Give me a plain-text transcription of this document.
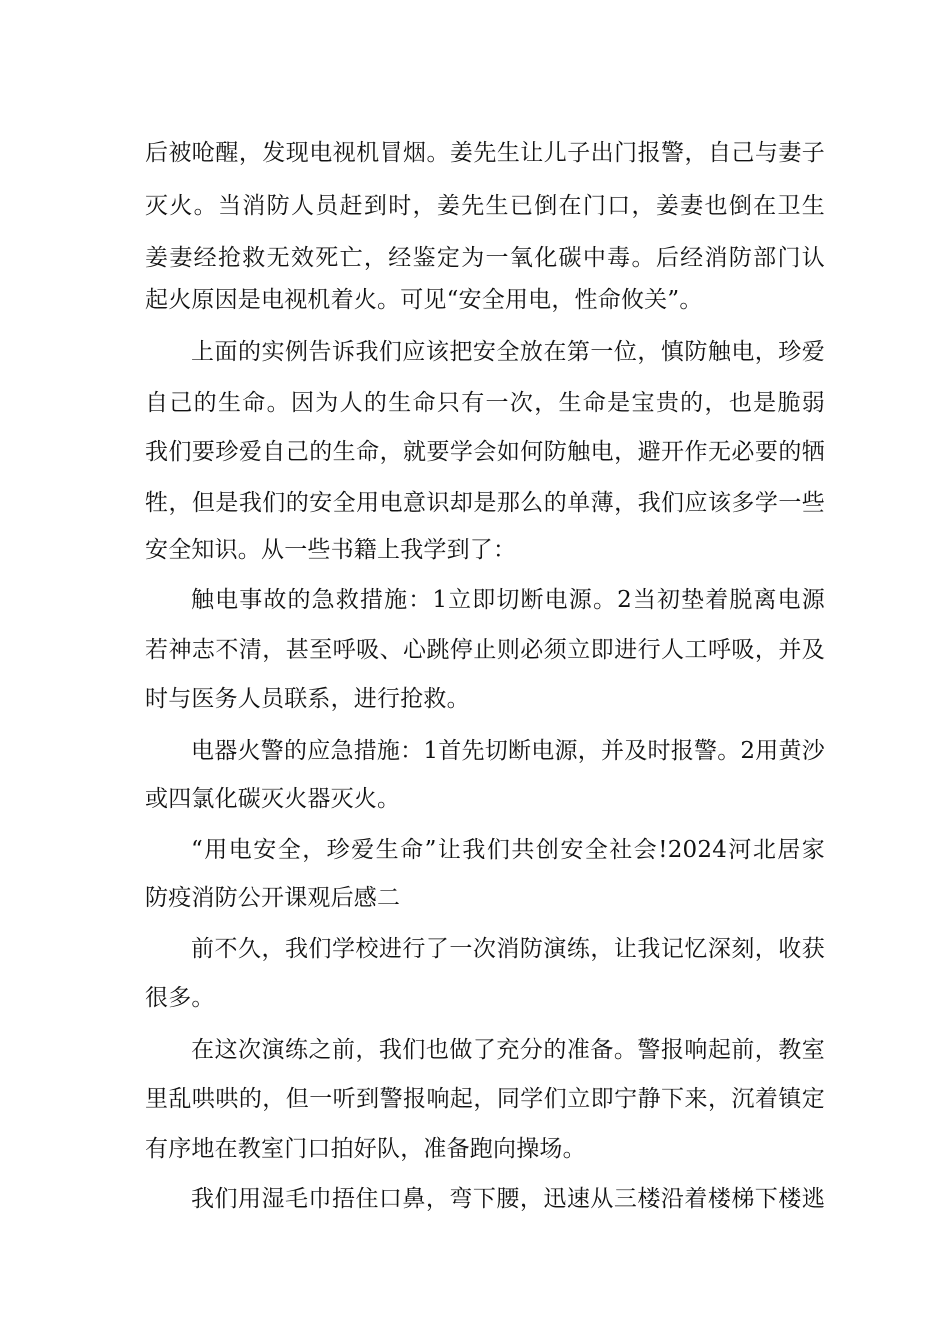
后被呛醒，发现电视机冒烟。姜先生让儿子出门报警，自己与妻子
灭火。当消防人员赶到时，姜先生已倒在门口，姜妻也倒在卫生
姜妻经抢救无效死亡，经鉴定为一氧化碳中毒。后经消防部门认
起火原因是电视机着火。可见“安全用电，性命攸关”。
上面的实例告诉我们应该把安全放在第一位，慎防触电，珍爱
自己的生命。因为人的生命只有一次，生命是宝贵的，也是脆弱
我们要珍爱自己的生命，就要学会如何防触电，避开作无必要的牺
牲，但是我们的安全用电意识却是那么的单薄，我们应该多学一些
安全知识。从一些书籍上我学到了：
触电事故的急救措施：1立即切断电源。2当初垫着脱离电源
若神志不清，甚至呼吸、心跳停止则必须立即进行人工呼吸，并及
时与医务人员联系，进行抢救。
电器火警的应急措施：1首先切断电源，并及时报警。2用黄沙
或四氯化碳灭火器灭火。
“用电安全，珍爱生命”让我们共创安全社会!2024河北居家
防疫消防公开课观后感二
前不久，我们学校进行了一次消防演练，让我记忆深刻，收获
很多。
在这次演练之前，我们也做了充分的准备。警报响起前，教室
里乱哄哄的，但一听到警报响起，同学们立即宁静下来，沉着镇定
有序地在教室门口拍好队，准备跑向操场。
我们用湿毛巾捂住口鼻，弯下腰，迅速从三楼沿着楼梯下楼逃
